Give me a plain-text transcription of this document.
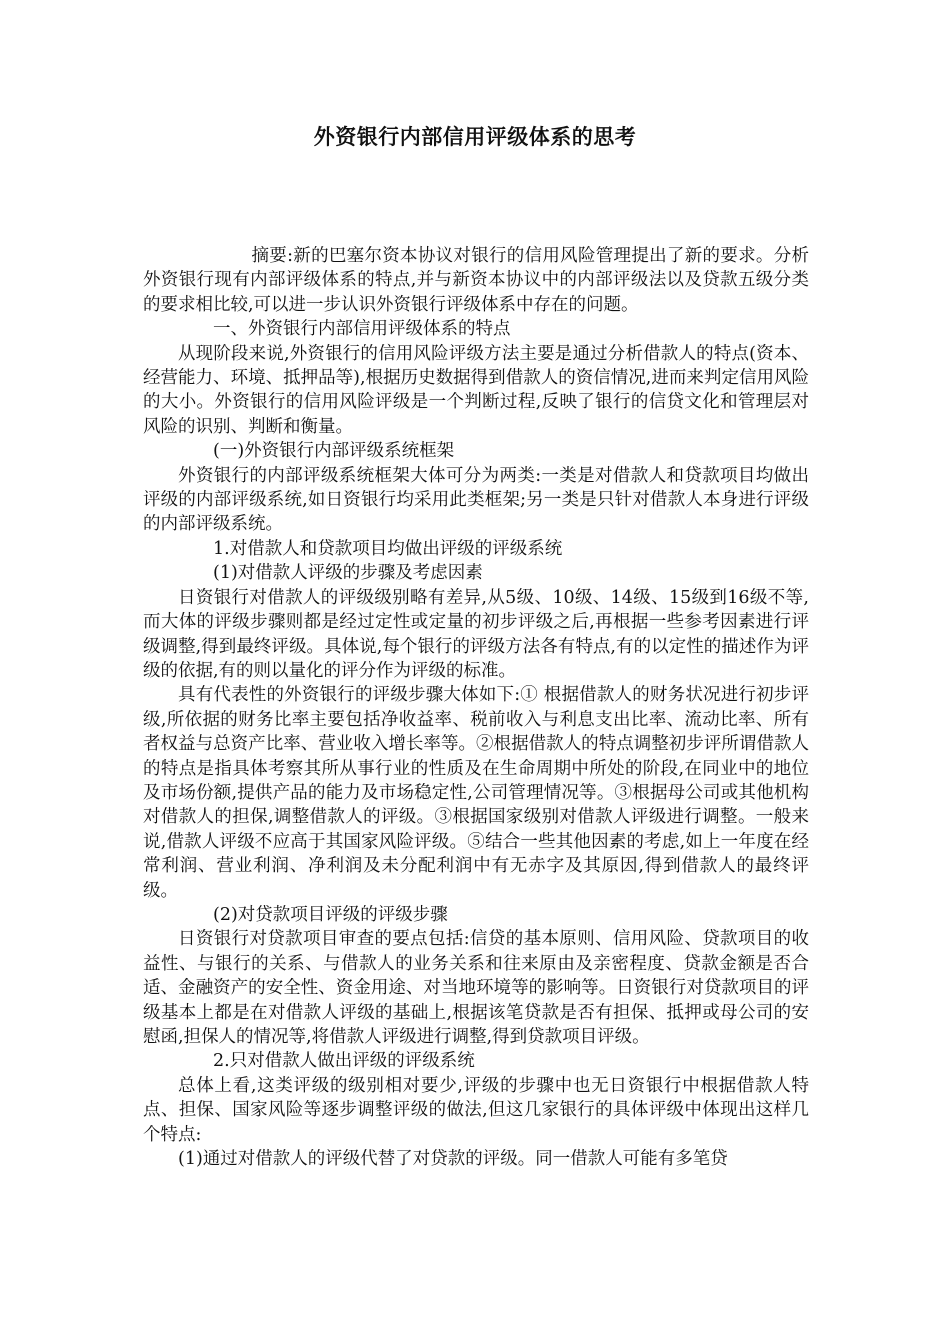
外资银行内部信用评级体系的思考

摘要:新的巴塞尔资本协议对银行的信用风险管理提出了新的要求。分析外资银行现有内部评级体系的特点,并与新资本协议中的内部评级法以及贷款五级分类的要求相比较,可以进一步认识外资银行评级体系中存在的问题。

一、外资银行内部信用评级体系的特点

从现阶段来说,外资银行的信用风险评级方法主要是通过分析借款人的特点(资本、经营能力、环境、抵押品等),根据历史数据得到借款人的资信情况,进而来判定信用风险的大小。外资银行的信用风险评级是一个判断过程,反映了银行的信贷文化和管理层对风险的识别、判断和衡量。

(一)外资银行内部评级系统框架

外资银行的内部评级系统框架大体可分为两类:一类是对借款人和贷款项目均做出评级的内部评级系统,如日资银行均采用此类框架;另一类是只针对借款人本身进行评级的内部评级系统。

1.对借款人和贷款项目均做出评级的评级系统

(1)对借款人评级的步骤及考虑因素

日资银行对借款人的评级级别略有差异,从5级、10级、14级、15级到16级不等,而大体的评级步骤则都是经过定性或定量的初步评级之后,再根据一些参考因素进行评级调整,得到最终评级。具体说,每个银行的评级方法各有特点,有的以定性的描述作为评级的依据,有的则以量化的评分作为评级的标准。

具有代表性的外资银行的评级步骤大体如下:① 根据借款人的财务状况进行初步评级,所依据的财务比率主要包括净收益率、税前收入与利息支出比率、流动比率、所有者权益与总资产比率、营业收入增长率等。②根据借款人的特点调整初步评所谓借款人的特点是指具体考察其所从事行业的性质及在生命周期中所处的阶段,在同业中的地位及市场份额,提供产品的能力及市场稳定性,公司管理情况等。③根据母公司或其他机构对借款人的担保,调整借款人的评级。③根据国家级别对借款人评级进行调整。一般来说,借款人评级不应高于其国家风险评级。⑤结合一些其他因素的考虑,如上一年度在经常利润、营业利润、净利润及未分配利润中有无赤字及其原因,得到借款人的最终评级。

(2)对贷款项目评级的评级步骤

日资银行对贷款项目审查的要点包括:信贷的基本原则、信用风险、贷款项目的收益性、与银行的关系、与借款人的业务关系和往来原由及亲密程度、贷款金额是否合适、金融资产的安全性、资金用途、对当地环境等的影响等。日资银行对贷款项目的评级基本上都是在对借款人评级的基础上,根据该笔贷款是否有担保、抵押或母公司的安慰函,担保人的情况等,将借款人评级进行调整,得到贷款项目评级。

2.只对借款人做出评级的评级系统

总体上看,这类评级的级别相对要少,评级的步骤中也无日资银行中根据借款人特点、担保、国家风险等逐步调整评级的做法,但这几家银行的具体评级中体现出这样几个特点:

(1)通过对借款人的评级代替了对贷款的评级。同一借款人可能有多笔贷
